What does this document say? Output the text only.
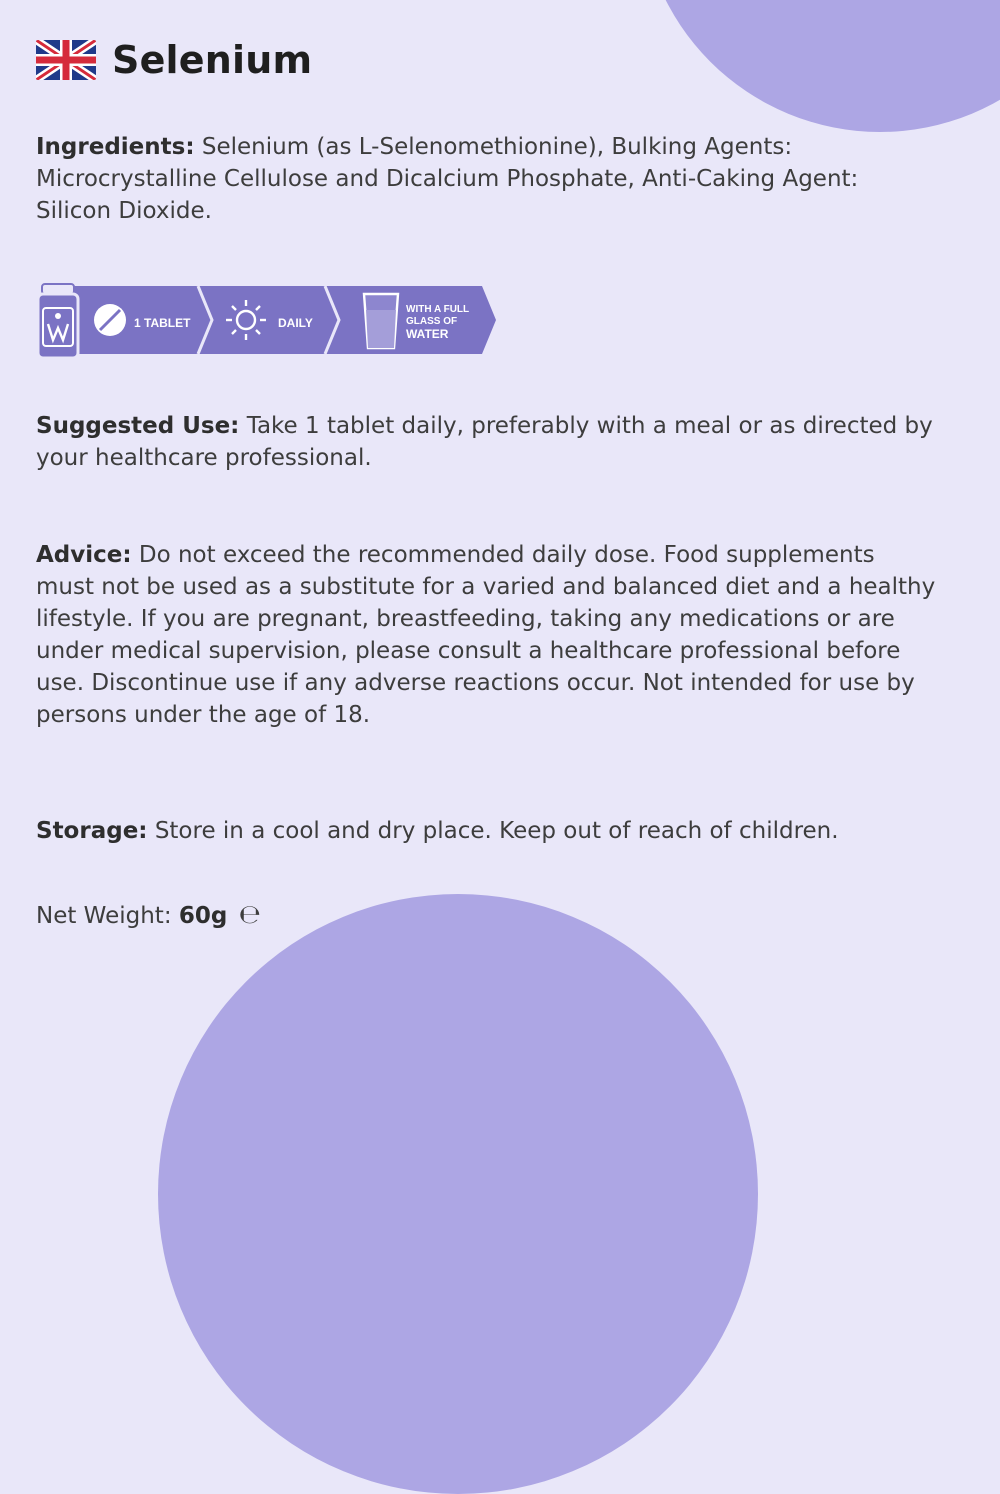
Selenium

Ingredients: Selenium (as L-Selenomethionine), Bulking Agents: Microcrystalline Cellulose and Dicalcium Phosphate, Anti-Caking Agent: Silicon Dioxide.

1 TABLET	DAILY
WITH A FULL
GLASS OF
WATER

Suggested Use: Take 1 tablet daily, preferably with a meal or as directed by your healthcare professional.

Advice: Do not exceed the recommended daily dose. Food supplements must not be used as a substitute for a varied and balanced diet and a healthy lifestyle. If you are pregnant, breastfeeding, taking any medications or are under medical supervision, please consult a healthcare professional before use. Discontinue use if any adverse reactions occur. Not intended for use by persons under the age of 18.

Storage: Store in a cool and dry place. Keep out of reach of children.

Net Weight: 60g ℮
